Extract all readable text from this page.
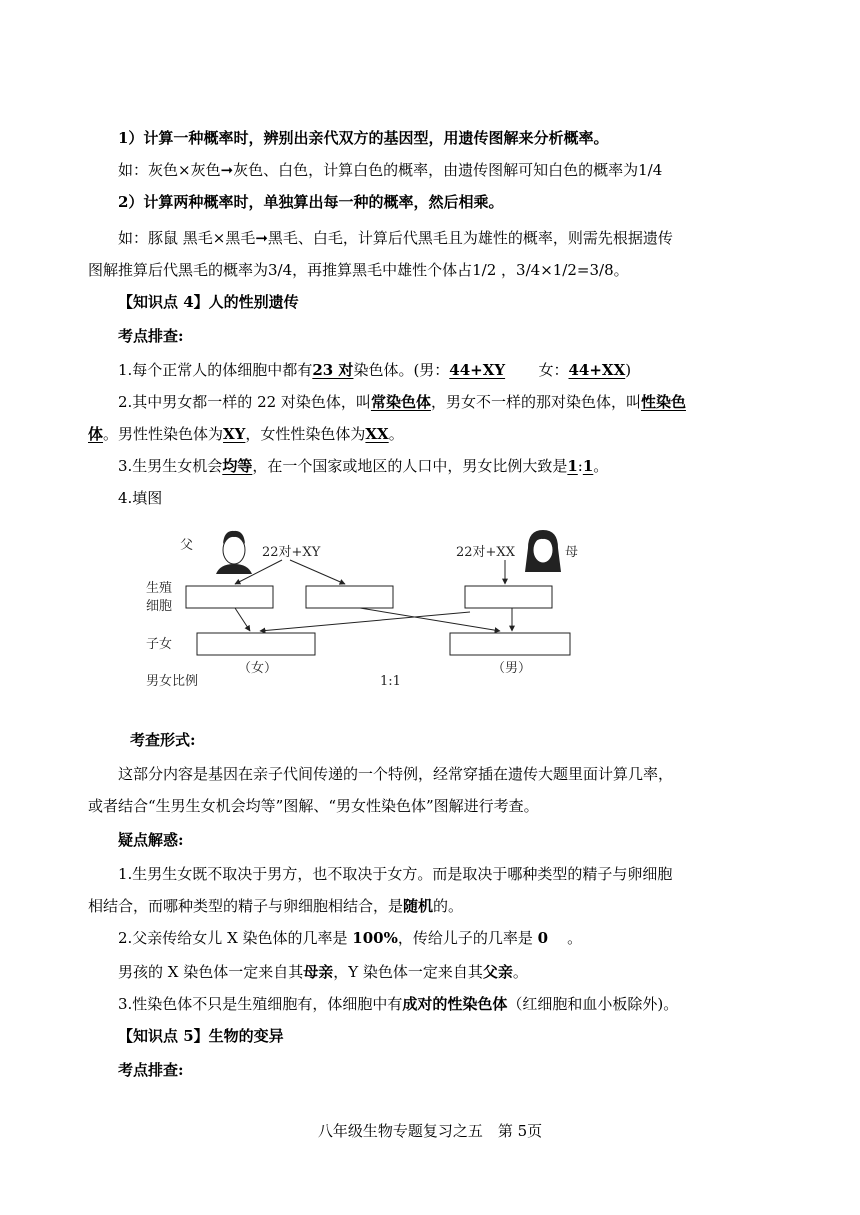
1）计算一种概率时，辨别出亲代双方的基因型，用遗传图解来分析概率。
如：灰色×灰色➞灰色、白色，计算白色的概率，由遗传图解可知白色的概率为1/4
2）计算两种概率时，单独算出每一种的概率，然后相乘。
如：豚鼠 黑毛×黑毛➞黑毛、白毛，计算后代黑毛且为雄性的概率，则需先根据遗传
图解推算后代黑毛的概率为3/4，再推算黑毛中雄性个体占1/2 ，3/4×1/2=3/8。
【知识点 4】人的性别遗传
考点排查:
1.每个正常人的体细胞中都有23 对染色体。(男：44+XY       女：44+XX)
2.其中男女都一样的 22 对染色体，叫常染色体，男女不一样的那对染色体，叫性染色
体。男性性染色体为XY，女性性染色体为XX。
3.生男生女机会均等，在一个国家或地区的人口中，男女比例大致是1:1。
4.填图
父	22对+XY	22对+XX	母
生殖
细胞
子女
男女比例
（女）	（男）
1:1
考查形式:
这部分内容是基因在亲子代间传递的一个特例，经常穿插在遗传大题里面计算几率，
或者结合“生男生女机会均等”图解、“男女性染色体”图解进行考查。
疑点解惑:
1.生男生女既不取决于男方，也不取决于女方。而是取决于哪种类型的精子与卵细胞
相结合，而哪种类型的精子与卵细胞相结合，是随机的。
2.父亲传给女儿 X 染色体的几率是 100%，传给儿子的几率是 0    。
男孩的 X 染色体一定来自其母亲，Y 染色体一定来自其父亲。
3.性染色体不只是生殖细胞有，体细胞中有成对的性染色体（红细胞和血小板除外)。
【知识点 5】生物的变异
考点排查:
八年级生物专题复习之五　第 5页
